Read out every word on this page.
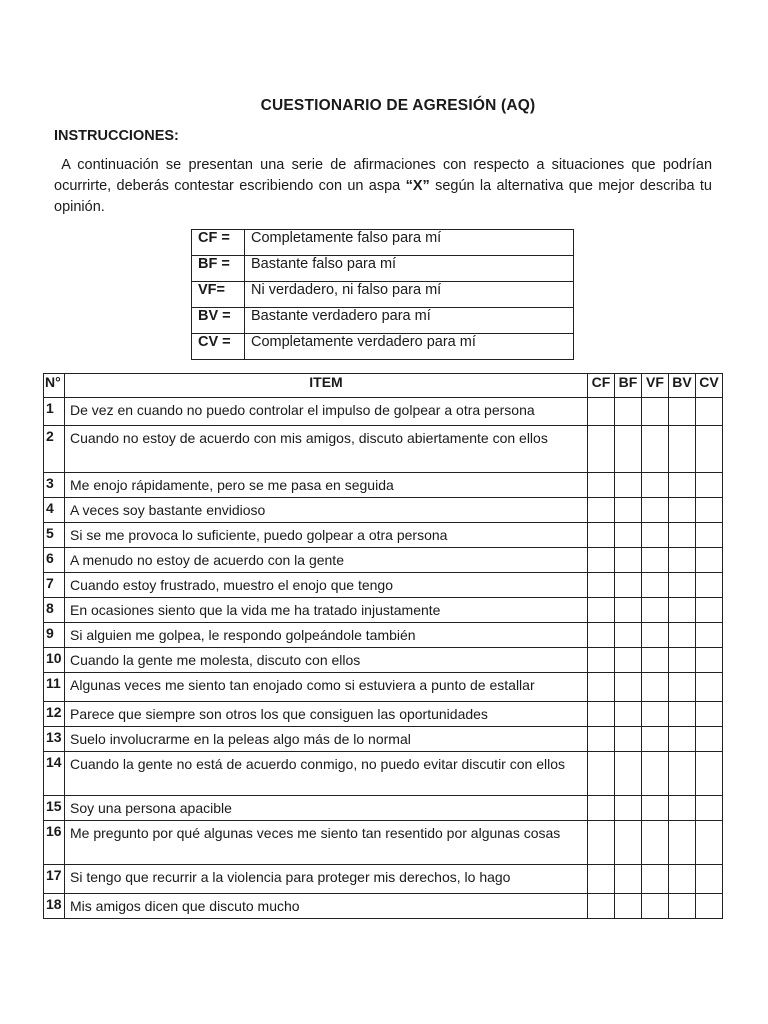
CUESTIONARIO DE AGRESIÓN (AQ)
INSTRUCCIONES:
A continuación se presentan una serie de afirmaciones con respecto a situaciones que podrían ocurrirte, deberás contestar escribiendo con un aspa “X” según la alternativa que mejor describa tu opinión.
CF =	Completamente falso para mí
BF =	Bastante falso para mí
VF=	Ni verdadero, ni falso para mí
BV =	Bastante verdadero para mí
CV =	Completamente verdadero para mí
N°	ITEM	CF	BF	VF	BV	CV
1	De vez en cuando no puedo controlar el impulso de golpear a otra persona					
2	Cuando no estoy de acuerdo con mis amigos, discuto abiertamente con ellos					
3	Me enojo rápidamente, pero se me pasa en seguida					
4	A veces soy bastante envidioso					
5	Si se me provoca lo suficiente, puedo golpear a otra persona					
6	A menudo no estoy de acuerdo con la gente					
7	Cuando estoy frustrado, muestro el enojo que tengo					
8	En ocasiones siento que la vida me ha tratado injustamente					
9	Si alguien me golpea, le respondo golpeándole también					
10	Cuando la gente me molesta, discuto con ellos					
11	Algunas veces me siento tan enojado como si estuviera a punto de estallar					
12	Parece que siempre son otros los que consiguen las oportunidades					
13	Suelo involucrarme en la peleas algo más de lo normal					
14	Cuando la gente no está de acuerdo conmigo, no puedo evitar discutir con ellos					
15	Soy una persona apacible					
16	Me pregunto por qué algunas veces me siento tan resentido por algunas cosas					
17	Si tengo que recurrir a la violencia para proteger mis derechos, lo hago					
18	Mis amigos dicen que discuto mucho					
